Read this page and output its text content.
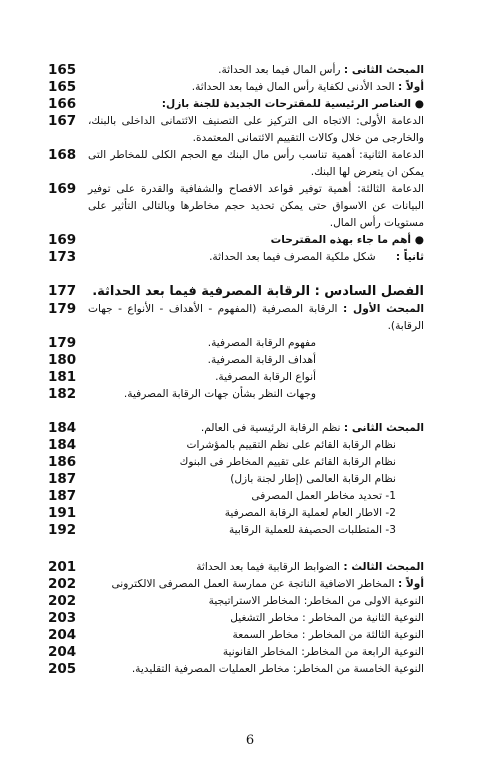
165	المبحث الثانى : رأس المال فيما بعد الحداثة.
165	أولاً : الحد الأدنى لكفاية رأس المال فيما بعد الحداثة.
166	● العناصر الرئيسية للمقترحات الجديدة للجنة بازل:
167	الدعامة الأولى: الاتجاه الى التركيز على التصنيف الائتمانى الداخلى بالبنك، والخارجى من خلال وكالات التقييم الائتمانى المعتمدة.
168	الدعامة الثانية: أهمية تناسب رأس مال البنك مع الحجم الكلى للمخاطر التى يمكن ان يتعرض لها البنك.
169	الدعامة الثالثة: أهمية توفير قواعد الافصاح والشفافية والقدرة على توفير البيانات عن الاسواق حتى يمكن تحديد حجم مخاطرها وبالتالى التأثير على مستويات رأس المال.
169	● أهم ما جاء بهذه المقترحات
173	ثانياً :      شكل ملكية المصرف فيما بعد الحداثة.
177	الفصل السادس : الرقابة المصرفية فيما بعد الحداثة.
179	المبحث الأول : الرقابة المصرفية (المفهوم - الأهداف - الأنواع - جهات الرقابة).
179	مفهوم الرقابة المصرفية.
180	أهداف الرقابة المصرفية.
181	أنواع الرقابة المصرفية.
182	وجهات النظر بشأن جهات الرقابة المصرفية.
184	المبحث الثانى : نظم الرقابة الرئيسية فى العالم.
184	نظام الرقابة القائم على نظم التقييم بالمؤشرات
186	نظام الرقابة القائم على تقييم المخاطر فى البنوك
187	نظام الرقابة العالمى (إطار لجنة بازل)
187	1- تحديد مخاطر العمل المصرفى
191	2- الاطار العام لعملية الرقابة المصرفية
192	3- المتطلبات الحصيفة للعملية الرقابية
201	المبحث الثالث : الضوابط الرقابية فيما بعد الحداثة
202	أولاً : المخاطر الاضافية الناتجة عن ممارسة العمل المصرفى الالكترونى
202	النوعية الاولى من المخاطر: المخاطر الاستراتيجية
203	النوعية الثانية من المخاطر : مخاطر التشغيل
204	النوعية الثالثة من المخاطر : مخاطر السمعة
204	النوعية الرابعة من المخاطر: المخاطر القانونية
205	النوعية الخامسة من المخاطر: مخاطر العمليات المصرفية التقليدية.
6
